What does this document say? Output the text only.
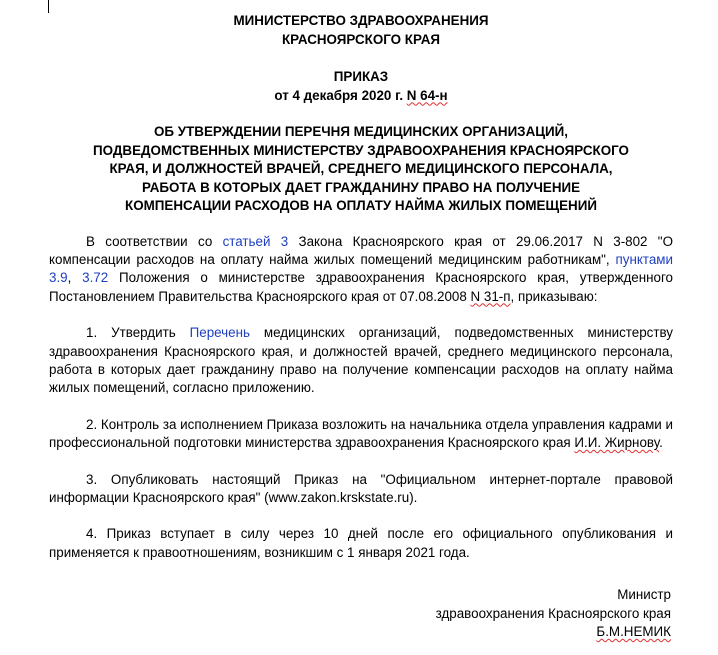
МИНИСТЕРСТВО ЗДРАВООХРАНЕНИЯ
КРАСНОЯРСКОГО КРАЯ
ПРИКАЗ
от 4 декабря 2020 г. N 64-н
ОБ УТВЕРЖДЕНИИ ПЕРЕЧНЯ МЕДИЦИНСКИХ ОРГАНИЗАЦИЙ,
ПОДВЕДОМСТВЕННЫХ МИНИСТЕРСТВУ ЗДРАВООХРАНЕНИЯ КРАСНОЯРСКОГО
КРАЯ, И ДОЛЖНОСТЕЙ ВРАЧЕЙ, СРЕДНЕГО МЕДИЦИНСКОГО ПЕРСОНАЛА,
РАБОТА В КОТОРЫХ ДАЕТ ГРАЖДАНИНУ ПРАВО НА ПОЛУЧЕНИЕ
КОМПЕНСАЦИИ РАСХОДОВ НА ОПЛАТУ НАЙМА ЖИЛЫХ ПОМЕЩЕНИЙ

В соответствии со статьей 3 Закона Красноярского края от 29.06.2017 N 3-802 "О компенсации расходов на оплату найма жилых помещений медицинским работникам", пунктами 3.9, 3.72 Положения о министерстве здравоохранения Красноярского края, утвержденного Постановлением Правительства Красноярского края от 07.08.2008 N 31-п, приказываю:

1. Утвердить Перечень медицинских организаций, подведомственных министерству здравоохранения Красноярского края, и должностей врачей, среднего медицинского персонала, работа в которых дает гражданину право на получение компенсации расходов на оплату найма жилых помещений, согласно приложению.

2. Контроль за исполнением Приказа возложить на начальника отдела управления кадрами и профессиональной подготовки министерства здравоохранения Красноярского края И.И. Жирнову.

3. Опубликовать настоящий Приказ на "Официальном интернет-портале правовой информации Красноярского края" (www.zakon.krskstate.ru).

4. Приказ вступает в силу через 10 дней после его официального опубликования и применяется к правоотношениям, возникшим с 1 января 2021 года.

Министр
здравоохранения Красноярского края
Б.М.НЕМИК
